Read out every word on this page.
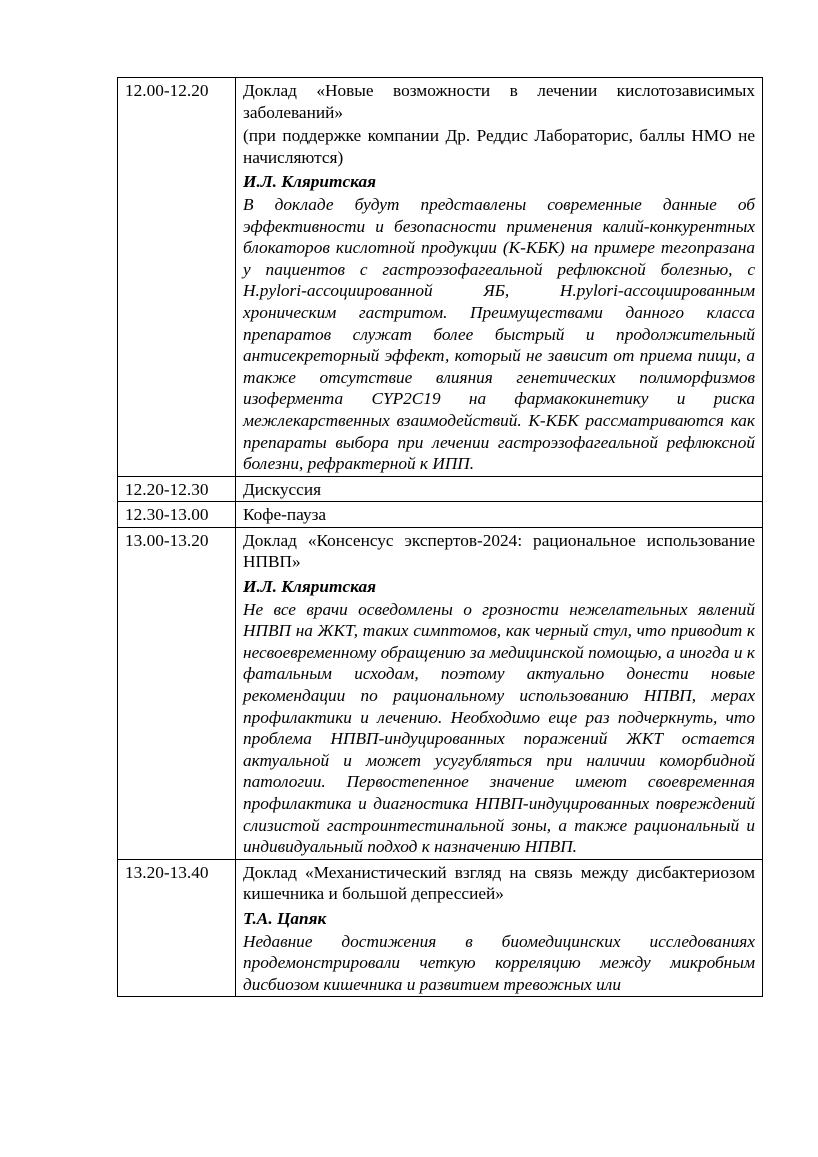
12.00-12.20	Доклад «Новые возможности в лечении кислотозависимых заболеваний»
(при поддержке компании Др. Реддис Лабораторис, баллы НМО не начисляются)
И.Л. Кляритская
В докладе будут представлены современные данные об эффективности и безопасности применения калий-конкурентных блокаторов кислотной продукции (К-КБК) на примере тегопразана у пациентов с гастроэзофагеальной рефлюксной болезнью, с H.pylori-ассоциированной ЯБ, H.pylori-ассоциированным хроническим гастритом. Преимуществами данного класса препаратов служат более быстрый и продолжительный антисекреторный эффект, который не зависит от приема пищи, а также отсутствие влияния генетических полиморфизмов изофермента CYP2C19 на фармакокинетику и риска межлекарственных взаимодействий. К-КБК рассматриваются как препараты выбора при лечении гастроэзофагеальной рефлюксной болезни, рефрактерной к ИПП.

12.20-12.30	Дискуссия

12.30-13.00	Кофе-пауза

13.00-13.20	Доклад «Консенсус экспертов-2024: рациональное использование НПВП»
И.Л. Кляритская
Не все врачи осведомлены о грозности нежелательных явлений НПВП на ЖКТ, таких симптомов, как черный стул, что приводит к несвоевременному обращению за медицинской помощью, а иногда и к фатальным исходам, поэтому актуально донести новые рекомендации по рациональному использованию НПВП, мерах профилактики и лечению. Необходимо еще раз подчеркнуть, что проблема НПВП-индуцированных поражений ЖКТ остается актуальной и может усугубляться при наличии коморбидной патологии. Первостепенное значение имеют своевременная профилактика и диагностика НПВП-индуцированных повреждений слизистой гастроинтестинальной зоны, а также рациональный и индивидуальный подход к назначению НПВП.

13.20-13.40	Доклад «Механистический взгляд на связь между дисбактериозом кишечника и большой депрессией»
Т.А. Цапяк
Недавние достижения в биомедицинских исследованиях продемонстрировали четкую корреляцию между микробным дисбиозом кишечника и развитием тревожных или
